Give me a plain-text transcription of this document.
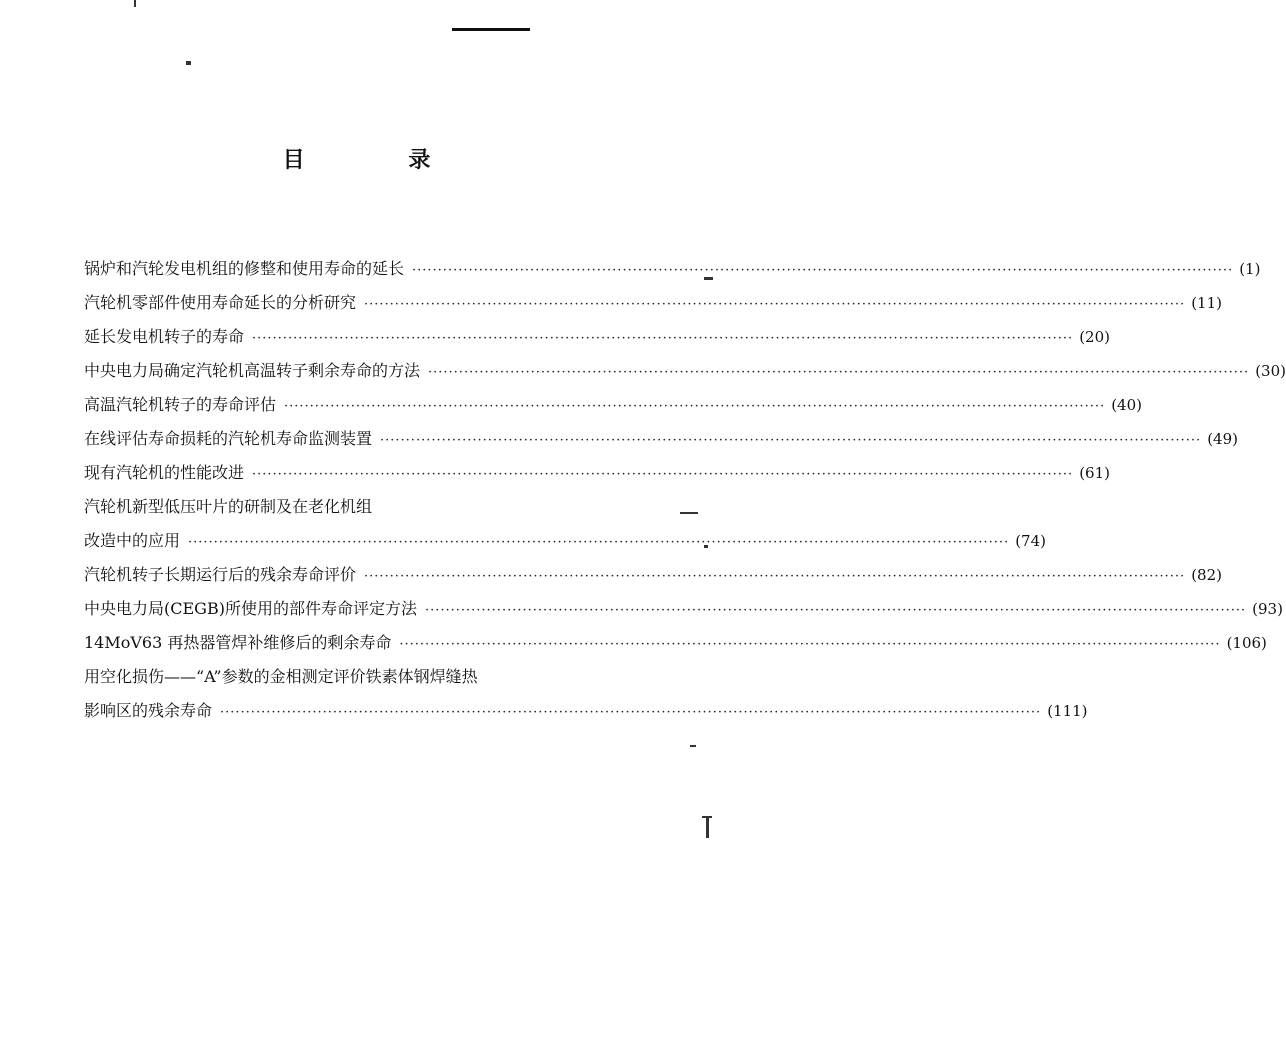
目 录
锅炉和汽轮发电机组的修整和使用寿命的延长 ································································································································································ (1)
汽轮机零部件使用寿命延长的分析研究 ································································································································································ (11)
延长发电机转子的寿命 ································································································································································ (20)
中央电力局确定汽轮机高温转子剩余寿命的方法 ································································································································································ (30)
高温汽轮机转子的寿命评估 ································································································································································ (40)
在线评估寿命损耗的汽轮机寿命监测装置 ································································································································································ (49)
现有汽轮机的性能改进 ································································································································································ (61)
汽轮机新型低压叶片的研制及在老化机组
改造中的应用 ································································································································································ (74)
汽轮机转子长期运行后的残余寿命评价 ································································································································································ (82)
中央电力局(CEGB)所使用的部件寿命评定方法 ································································································································································ (93)
14MoV63 再热器管焊补维修后的剩余寿命 ································································································································································ (106)
用空化损伤——“A”参数的金相测定评价铁素体钢焊缝热
影响区的残余寿命 ································································································································································ (111)
